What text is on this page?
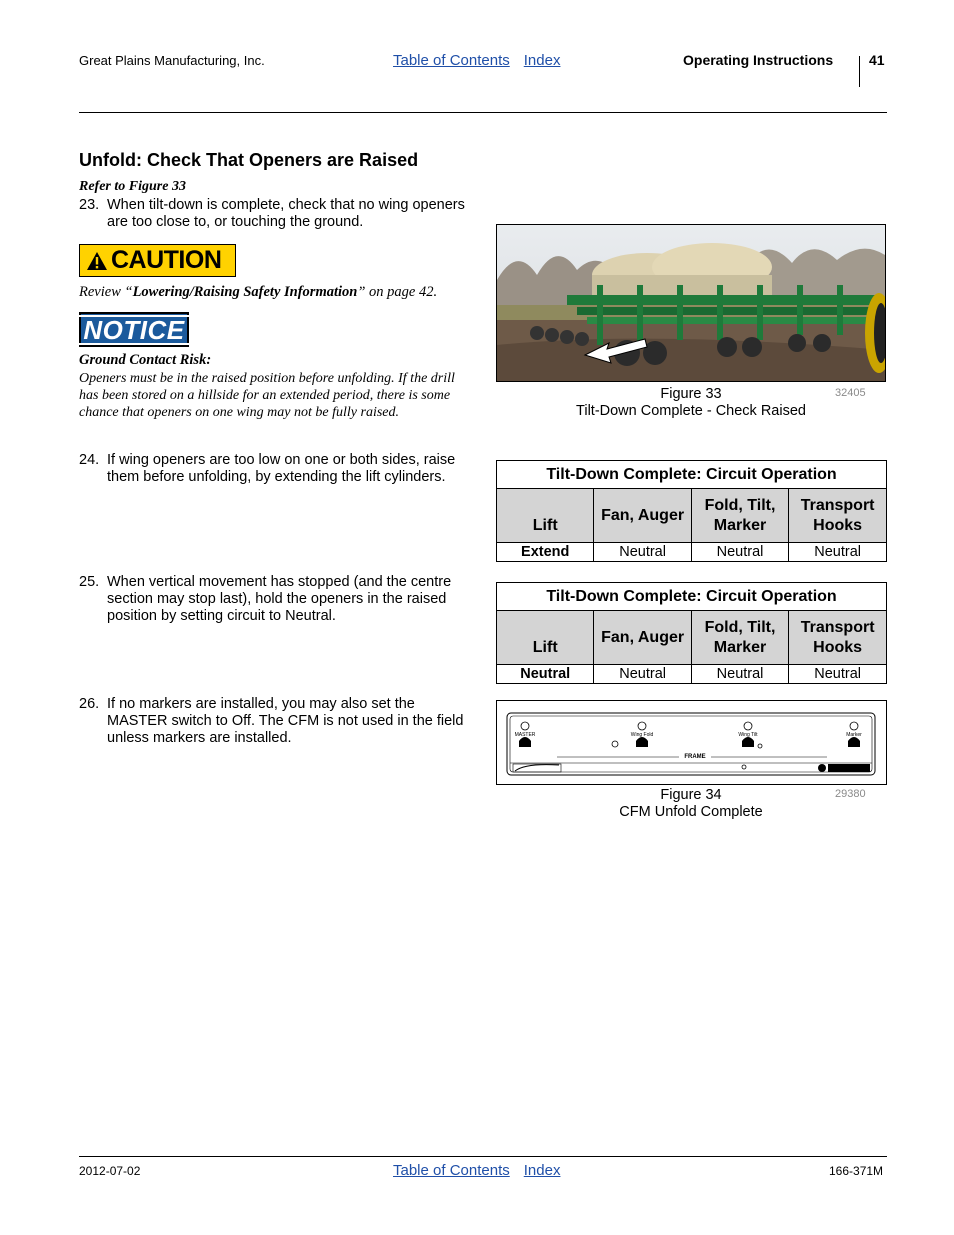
Great Plains Manufacturing, Inc.	Table of Contents Index	Operating Instructions	41
Unfold: Check That Openers are Raised
Refer to Figure 33
23. When tilt-down is complete, check that no wing openers are too close to, or touching the ground.
CAUTION
Review “Lowering/Raising Safety Information” on page 42.
NOTICE
Ground Contact Risk:
Openers must be in the raised position before unfolding. If the drill has been stored on a hillside for an extended period, there is some chance that openers on one wing may not be fully raised.
24. If wing openers are too low on one or both sides, raise them before unfolding, by extending the lift cylinders.
25. When vertical movement has stopped (and the centre section may stop last), hold the openers in the raised position by setting circuit to Neutral.
26. If no markers are installed, you may also set the MASTER switch to Off. The CFM is not used in the field unless markers are installed.
Figure 33
Tilt-Down Complete - Check Raised
32405
Tilt-Down Complete: Circuit Operation			
Lift	Fan, Auger	Fold, Tilt, Marker	Transport Hooks
Extend	Neutral	Neutral	Neutral
Tilt-Down Complete: Circuit Operation			
Lift	Fan, Auger	Fold, Tilt, Marker	Transport Hooks
Neutral	Neutral	Neutral	Neutral
MASTER	Wing Fold	Wing Tilt	Marker
FRAME
Figure 34
CFM Unfold Complete
29380
2012-07-02	Table of Contents Index	166-371M
